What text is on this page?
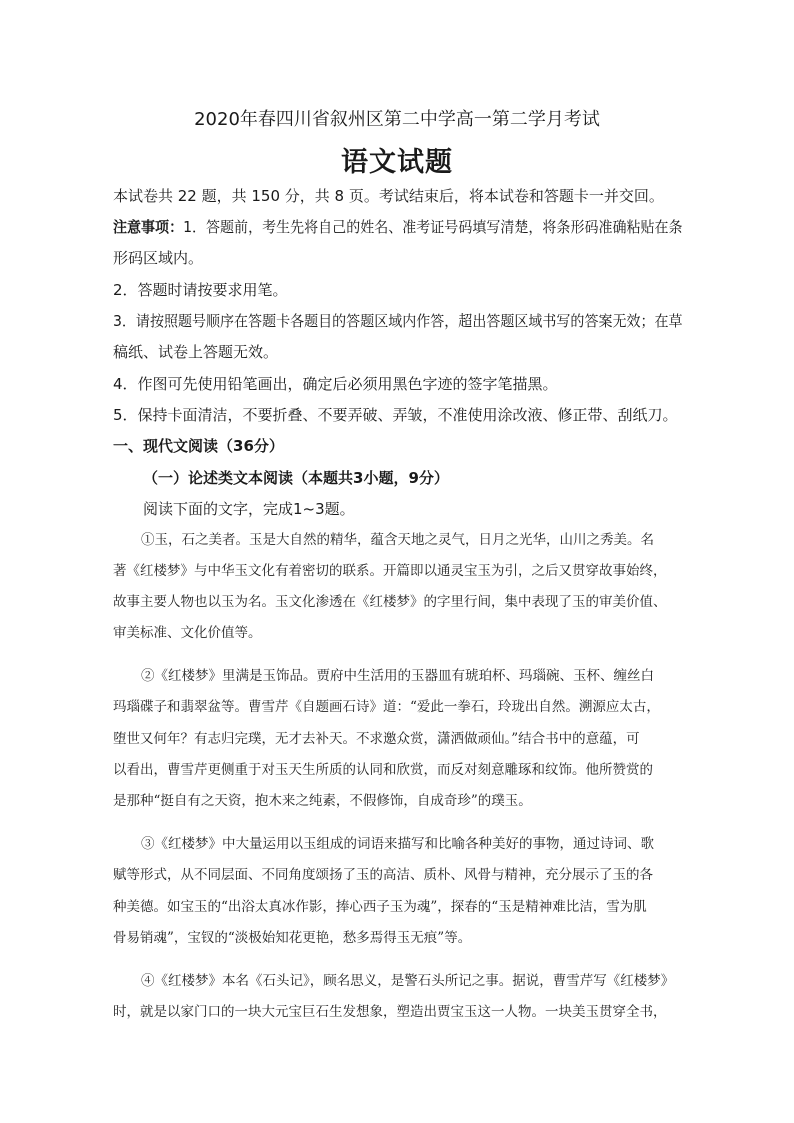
2020年春四川省叙州区第二中学高一第二学月考试
语文试题
本试卷共 22 题，共 150 分，共 8 页。考试结束后，将本试卷和答题卡一并交回。
注意事项：1．答题前，考生先将自己的姓名、准考证号码填写清楚，将条形码准确粘贴在条
形码区域内。
2．答题时请按要求用笔。
3．请按照题号顺序在答题卡各题目的答题区域内作答，超出答题区域书写的答案无效；在草
稿纸、试卷上答题无效。
4．作图可先使用铅笔画出，确定后必须用黑色字迹的签字笔描黑。
5．保持卡面清洁，不要折叠、不要弄破、弄皱，不准使用涂改液、修正带、刮纸刀。
一、现代文阅读（36分）
（一）论述类文本阅读（本题共3小题，9分）
阅读下面的文字，完成1~3题。
①玉，石之美者。玉是大自然的精华，蕴含天地之灵气，日月之光华，山川之秀美。名
著《红楼梦》与中华玉文化有着密切的联系。开篇即以通灵宝玉为引，之后又贯穿故事始终，
故事主要人物也以玉为名。玉文化渗透在《红楼梦》的字里行间，集中表现了玉的审美价值、
审美标准、文化价值等。
②《红楼梦》里满是玉饰品。贾府中生活用的玉器皿有琥珀杯、玛瑙碗、玉杯、缠丝白
玛瑙碟子和翡翠盆等。曹雪芹《自题画石诗》道：“爱此一拳石，玲珑出自然。溯源应太古，
堕世又何年？有志归完璞，无才去补天。不求邀众赏，潇洒做顽仙。”结合书中的意蕴，可
以看出，曹雪芹更侧重于对玉天生所质的认同和欣赏，而反对刻意雕琢和纹饰。他所赞赏的
是那种“挺自有之天资，抱木来之纯素，不假修饰，自成奇珍”的璞玉。
③《红楼梦》中大量运用以玉组成的词语来描写和比喻各种美好的事物，通过诗词、歌
赋等形式，从不同层面、不同角度颂扬了玉的高洁、质朴、风骨与精神，充分展示了玉的各
种美德。如宝玉的“出浴太真冰作影，捧心西子玉为魂”，探春的“玉是精神难比洁，雪为肌
骨易销魂”，宝钗的“淡极始知花更艳，愁多焉得玉无痕”等。
④《红楼梦》本名《石头记》，顾名思义，是警石头所记之事。据说，曹雪芹写《红楼梦》
时，就是以家门口的一块大元宝巨石生发想象，塑造出贾宝玉这一人物。一块美玉贯穿全书，
